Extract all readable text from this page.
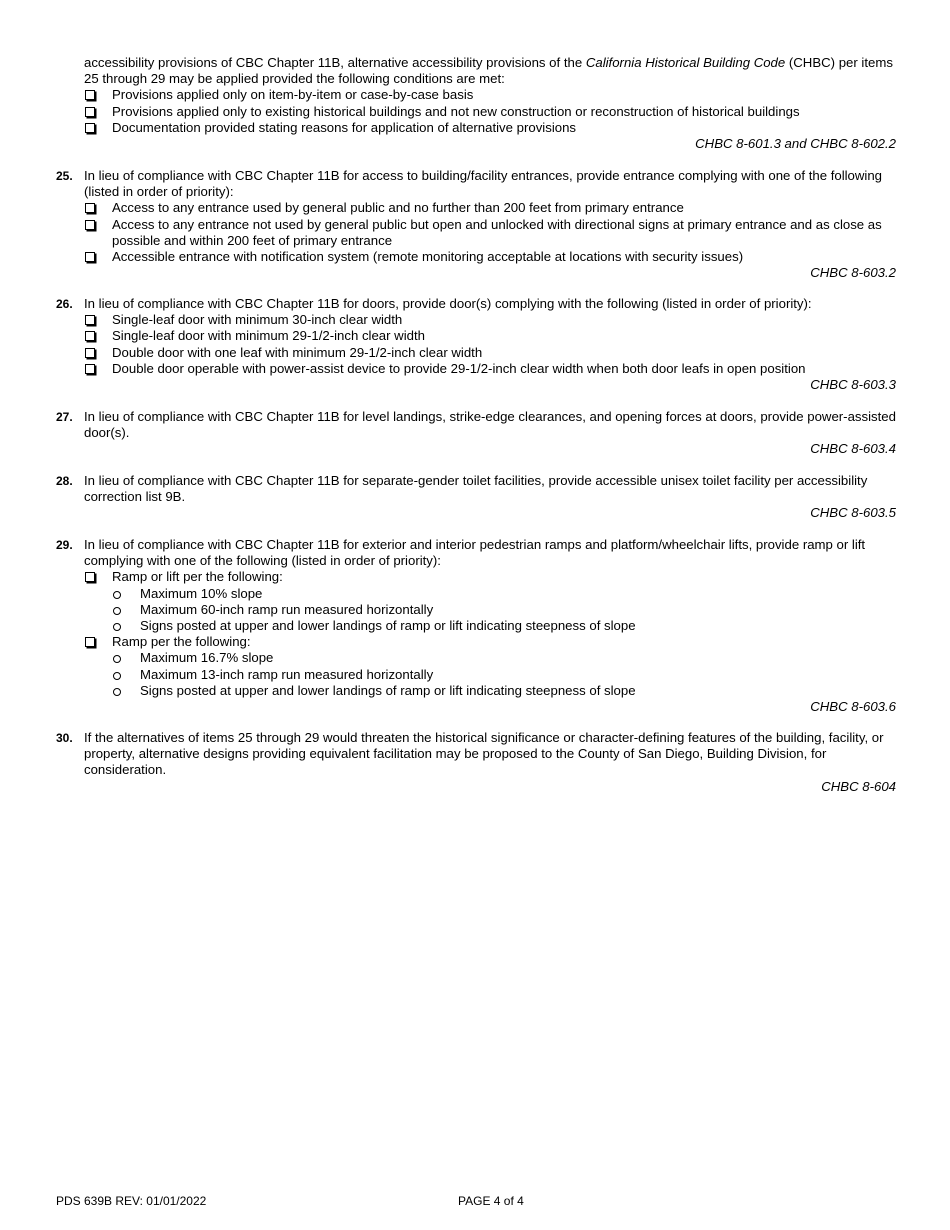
accessibility provisions of CBC Chapter 11B, alternative accessibility provisions of the California Historical Building Code (CHBC) per items 25 through 29 may be applied provided the following conditions are met:
Provisions applied only on item-by-item or case-by-case basis
Provisions applied only to existing historical buildings and not new construction or reconstruction of historical buildings
Documentation provided stating reasons for application of alternative provisions
CHBC 8-601.3 and CHBC 8-602.2
25. In lieu of compliance with CBC Chapter 11B for access to building/facility entrances, provide entrance complying with one of the following (listed in order of priority):
Access to any entrance used by general public and no further than 200 feet from primary entrance
Access to any entrance not used by general public but open and unlocked with directional signs at primary entrance and as close as possible and within 200 feet of primary entrance
Accessible entrance with notification system (remote monitoring acceptable at locations with security issues)
CHBC 8-603.2
26. In lieu of compliance with CBC Chapter 11B for doors, provide door(s) complying with the following (listed in order of priority):
Single-leaf door with minimum 30-inch clear width
Single-leaf door with minimum 29-1/2-inch clear width
Double door with one leaf with minimum 29-1/2-inch clear width
Double door operable with power-assist device to provide 29-1/2-inch clear width when both door leafs in open position
CHBC 8-603.3
27. In lieu of compliance with CBC Chapter 11B for level landings, strike-edge clearances, and opening forces at doors, provide power-assisted door(s).
CHBC 8-603.4
28. In lieu of compliance with CBC Chapter 11B for separate-gender toilet facilities, provide accessible unisex toilet facility per accessibility correction list 9B.
CHBC 8-603.5
29. In lieu of compliance with CBC Chapter 11B for exterior and interior pedestrian ramps and platform/wheelchair lifts, provide ramp or lift complying with one of the following (listed in order of priority):
Ramp or lift per the following:
Maximum 10% slope
Maximum 60-inch ramp run measured horizontally
Signs posted at upper and lower landings of ramp or lift indicating steepness of slope
Ramp per the following:
Maximum 16.7% slope
Maximum 13-inch ramp run measured horizontally
Signs posted at upper and lower landings of ramp or lift indicating steepness of slope
CHBC 8-603.6
30. If the alternatives of items 25 through 29 would threaten the historical significance or character-defining features of the building, facility, or property, alternative designs providing equivalent facilitation may be proposed to the County of San Diego, Building Division, for consideration.
CHBC 8-604
PDS 639B REV: 01/01/2022	PAGE 4 of 4
